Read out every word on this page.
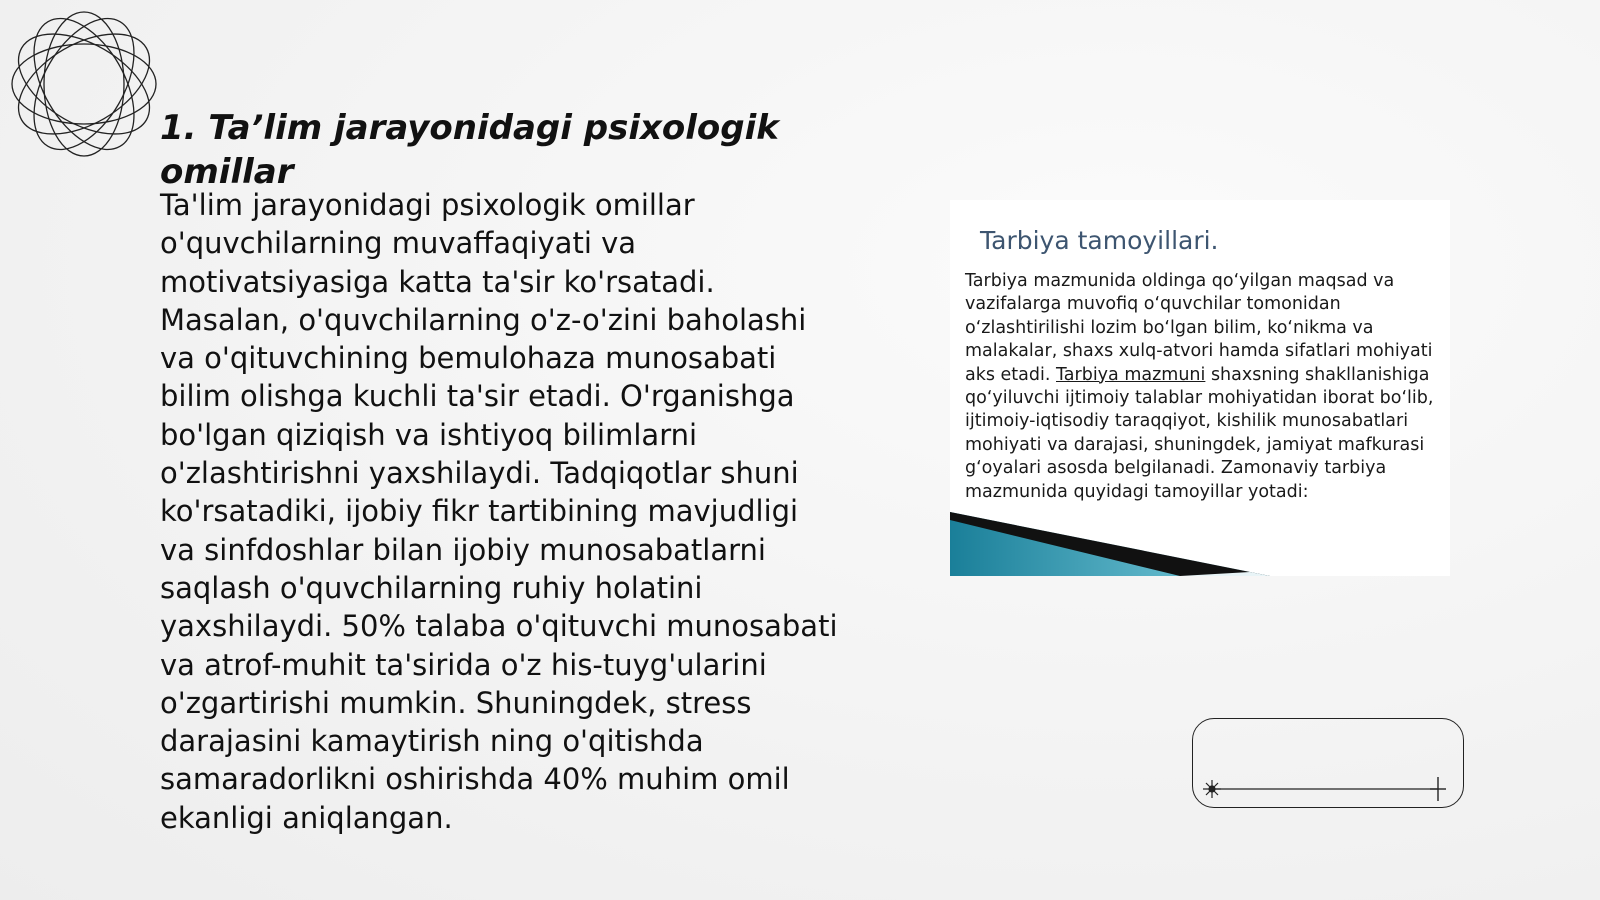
1. Ta’lim jarayonidagi psixologik omillar

Ta'lim jarayonidagi psixologik omillar o'quvchilarning muvaffaqiyati va motivatsiyasiga katta ta'sir ko'rsatadi. Masalan, o'quvchilarning o'z-o'zini baholashi va o'qituvchining bemulohaza munosabati bilim olishga kuchli ta'sir etadi. O'rganishga bo'lgan qiziqish va ishtiyoq bilimlarni o'zlashtirishni yaxshilaydi. Tadqiqotlar shuni ko'rsatadiki, ijobiy fikr tartibining mavjudligi va sinfdoshlar bilan ijobiy munosabatlarni saqlash o'quvchilarning ruhiy holatini yaxshilaydi. 50% talaba o'qituvchi munosabati va atrof-muhit ta'sirida o'z his-tuyg'ularini o'zgartirishi mumkin. Shuningdek, stress darajasini kamaytirish ning o'qitishda samaradorlikni oshirishda 40% muhim omil ekanligi aniqlangan.

Tarbiya tamoyillari.

Tarbiya mazmunida oldinga qo‘yilgan maqsad va vazifalarga muvofiq o‘quvchilar tomonidan o‘zlashtirilishi lozim bo‘lgan bilim, ko‘nikma va malakalar, shaxs xulq-atvori hamda sifatlari mohiyati aks etadi. Tarbiya mazmuni shaxsning shakllanishiga qo‘yiluvchi ijtimoiy talablar mohiyatidan iborat bo‘lib, ijtimoiy-iqtisodiy taraqqiyot, kishilik munosabatlari mohiyati va darajasi, shuningdek, jamiyat mafkurasi g‘oyalari asosda belgilanadi. Zamonaviy tarbiya mazmunida quyidagi tamoyillar yotadi:
